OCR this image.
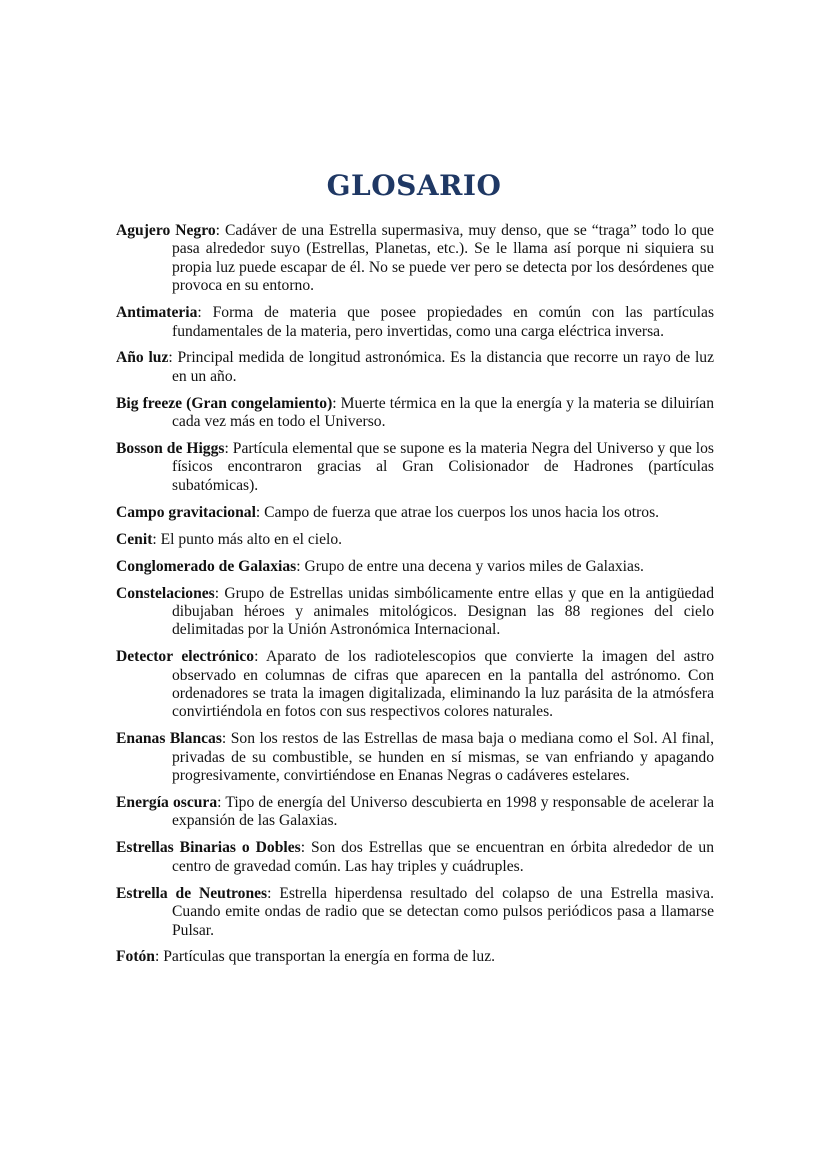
GLOSARIO

Agujero Negro: Cadáver de una Estrella supermasiva, muy denso, que se “traga” todo lo que pasa alrededor suyo (Estrellas, Planetas, etc.). Se le llama así porque ni siquiera su propia luz puede escapar de él. No se puede ver pero se detecta por los desórdenes que provoca en su entorno.

Antimateria: Forma de materia que posee propiedades en común con las partículas fundamentales de la materia, pero invertidas, como una carga eléctrica inversa.

Año luz: Principal medida de longitud astronómica. Es la distancia que recorre un rayo de luz en un año.

Big freeze (Gran congelamiento): Muerte térmica en la que la energía y la materia se diluirían cada vez más en todo el Universo.

Bosson de Higgs: Partícula elemental que se supone es la materia Negra del Universo y que los físicos encontraron gracias al Gran Colisionador de Hadrones (partículas subatómicas).

Campo gravitacional: Campo de fuerza que atrae los cuerpos los unos hacia los otros.

Cenit: El punto más alto en el cielo.

Conglomerado de Galaxias: Grupo de entre una decena y varios miles de Galaxias.

Constelaciones: Grupo de Estrellas unidas simbólicamente entre ellas y que en la antigüedad dibujaban héroes y animales mitológicos. Designan las 88 regiones del cielo delimitadas por la Unión Astronómica Internacional.

Detector electrónico: Aparato de los radiotelescopios que convierte la imagen del astro observado en columnas de cifras que aparecen en la pantalla del astrónomo. Con ordenadores se trata la imagen digitalizada, eliminando la luz parásita de la atmósfera convirtiéndola en fotos con sus respectivos colores naturales.

Enanas Blancas: Son los restos de las Estrellas de masa baja o mediana como el Sol. Al final, privadas de su combustible, se hunden en sí mismas, se van enfriando y apagando progresivamente, convirtiéndose en Enanas Negras o cadáveres estelares.

Energía oscura: Tipo de energía del Universo descubierta en 1998 y responsable de acelerar la expansión de las Galaxias.

Estrellas Binarias o Dobles: Son dos Estrellas que se encuentran en órbita alrededor de un centro de gravedad común. Las hay triples y cuádruples.

Estrella de Neutrones: Estrella hiperdensa resultado del colapso de una Estrella masiva. Cuando emite ondas de radio que se detectan como pulsos periódicos pasa a llamarse Pulsar.

Fotón: Partículas que transportan la energía en forma de luz.
